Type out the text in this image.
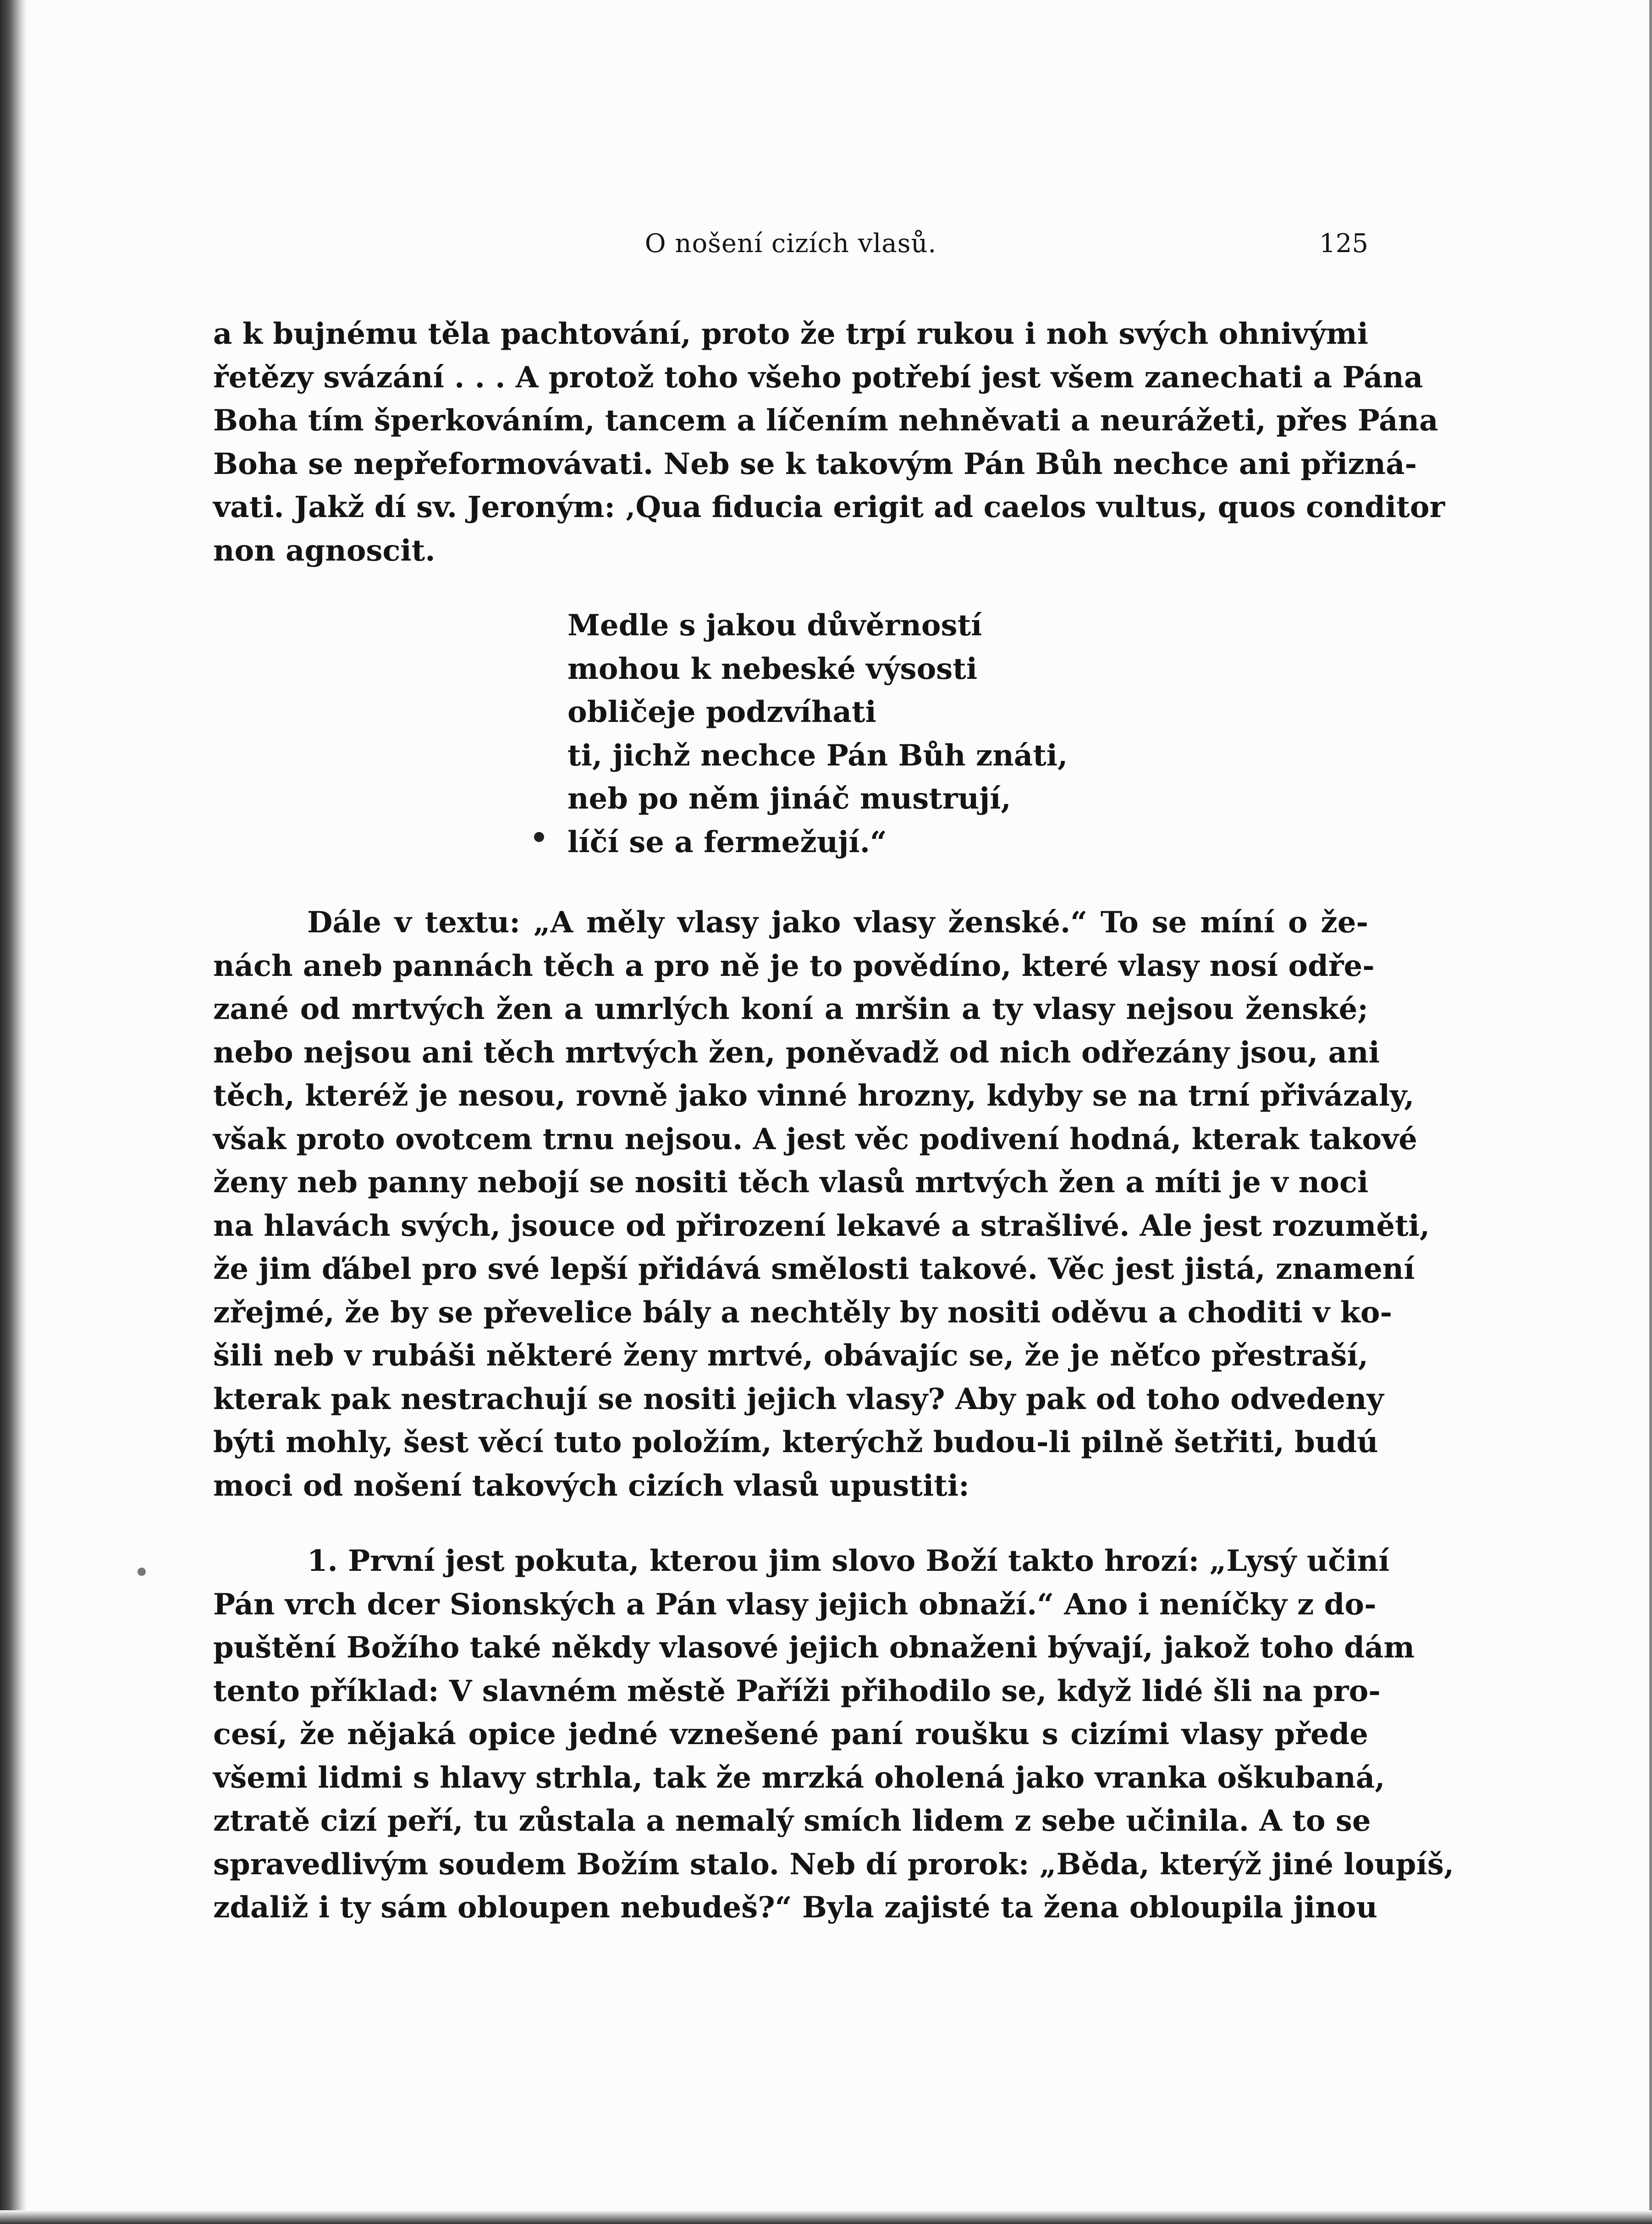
O nošení cizích vlasů.	125
a k bujnému těla pachtování, proto že trpí rukou i noh svých ohnivými
řetězy svázání . . . A protož toho všeho potřebí jest všem zanechati a Pána
Boha tím šperkováním, tancem a líčením nehněvati a neurážeti, přes Pána
Boha se nepřeformovávati. Neb se k takovým Pán Bůh nechce ani přizná-
vati. Jakž dí sv. Jeroným: ‚Qua fiducia erigit ad caelos vultus, quos conditor
non agnoscit.
Medle s jakou důvěrností
mohou k nebeské výsosti
obličeje podzvíhati
ti, jichž nechce Pán Bůh znáti,
neb po něm jináč mustrují,
líčí se a fermežují.“
Dále v textu: „A měly vlasy jako vlasy ženské.“ To se míní o že-
nách aneb pannách těch a pro ně je to povědíno, které vlasy nosí odře-
zané od mrtvých žen a umrlých koní a mršin a ty vlasy nejsou ženské;
nebo nejsou ani těch mrtvých žen, poněvadž od nich odřezány jsou, ani
těch, kteréž je nesou, rovně jako vinné hrozny, kdyby se na trní přivázaly,
však proto ovotcem trnu nejsou. A jest věc podivení hodná, kterak takové
ženy neb panny nebojí se nositi těch vlasů mrtvých žen a míti je v noci
na hlavách svých, jsouce od přirození lekavé a strašlivé. Ale jest rozuměti,
že jim ďábel pro své lepší přidává smělosti takové. Věc jest jistá, znamení
zřejmé, že by se převelice bály a nechtěly by nositi oděvu a choditi v ko-
šili neb v rubáši některé ženy mrtvé, obávajíc se, že je něťco přestraší,
kterak pak nestrachují se nositi jejich vlasy? Aby pak od toho odvedeny
býti mohly, šest věcí tuto položím, kterýchž budou-li pilně šetřiti, budú
moci od nošení takových cizích vlasů upustiti:
1. První jest pokuta, kterou jim slovo Boží takto hrozí: „Lysý učiní
Pán vrch dcer Sionských a Pán vlasy jejich obnaží.“ Ano i neníčky z do-
puštění Božího také někdy vlasové jejich obnaženi bývají, jakož toho dám
tento příklad: V slavném městě Paříži přihodilo se, když lidé šli na pro-
cesí, že nějaká opice jedné vznešené paní roušku s cizími vlasy přede
všemi lidmi s hlavy strhla, tak že mrzká oholená jako vranka oškubaná,
ztratě cizí peří, tu zůstala a nemalý smích lidem z sebe učinila. A to se
spravedlivým soudem Božím stalo. Neb dí prorok: „Běda, kterýž jiné loupíš,
zdaliž i ty sám obloupen nebudeš?“ Byla zajisté ta žena obloupila jinou
